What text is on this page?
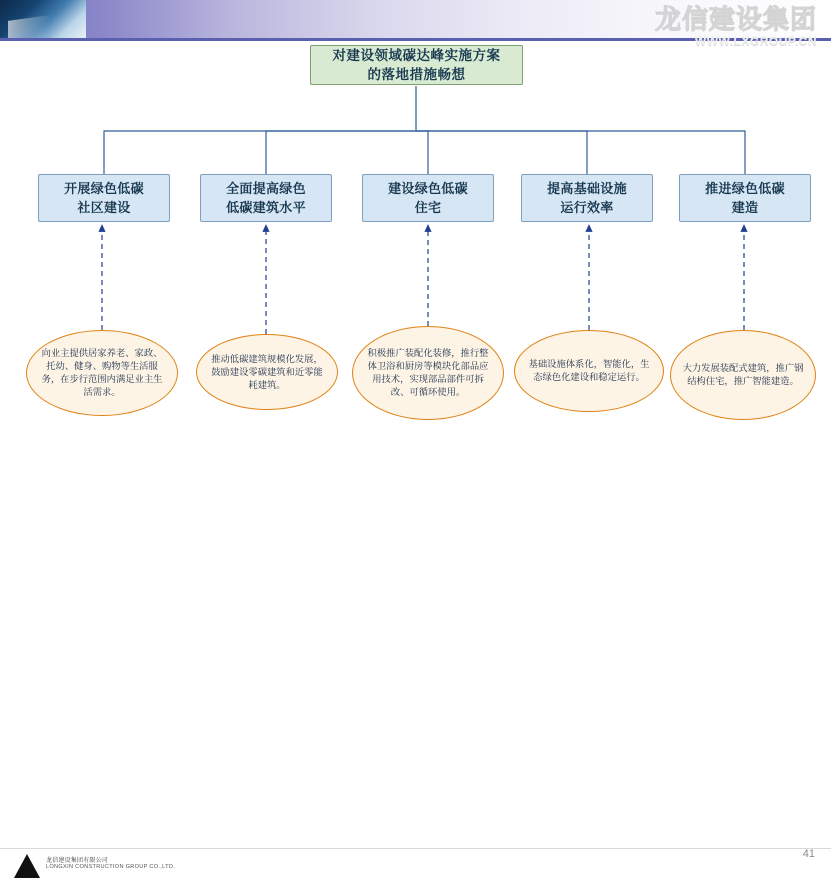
龙信建设集团
WWW.LXGROUP.CN
对建设领域碳达峰实施方案
的落地措施畅想
开展绿色低碳
社区建设
全面提高绿色
低碳建筑水平
建设绿色低碳
住宅
提高基础设施
运行效率
推进绿色低碳
建造
向业主提供居家养老、家政、托幼、健身、购物等生活服务，在步行范围内满足业主生活需求。
推动低碳建筑规模化发展，鼓励建设零碳建筑和近零能耗建筑。
积极推广装配化装修，推行整体卫浴和厨房等模块化部品应用技术，实现部品部件可拆改、可循环使用。
基础设施体系化，智能化，生态绿色化建设和稳定运行。
大力发展装配式建筑，推广钢结构住宅，推广智能建造。
龙信建设集团有限公司
LONGXIN CONSTRUCTION GROUP CO.,LTD.
41
